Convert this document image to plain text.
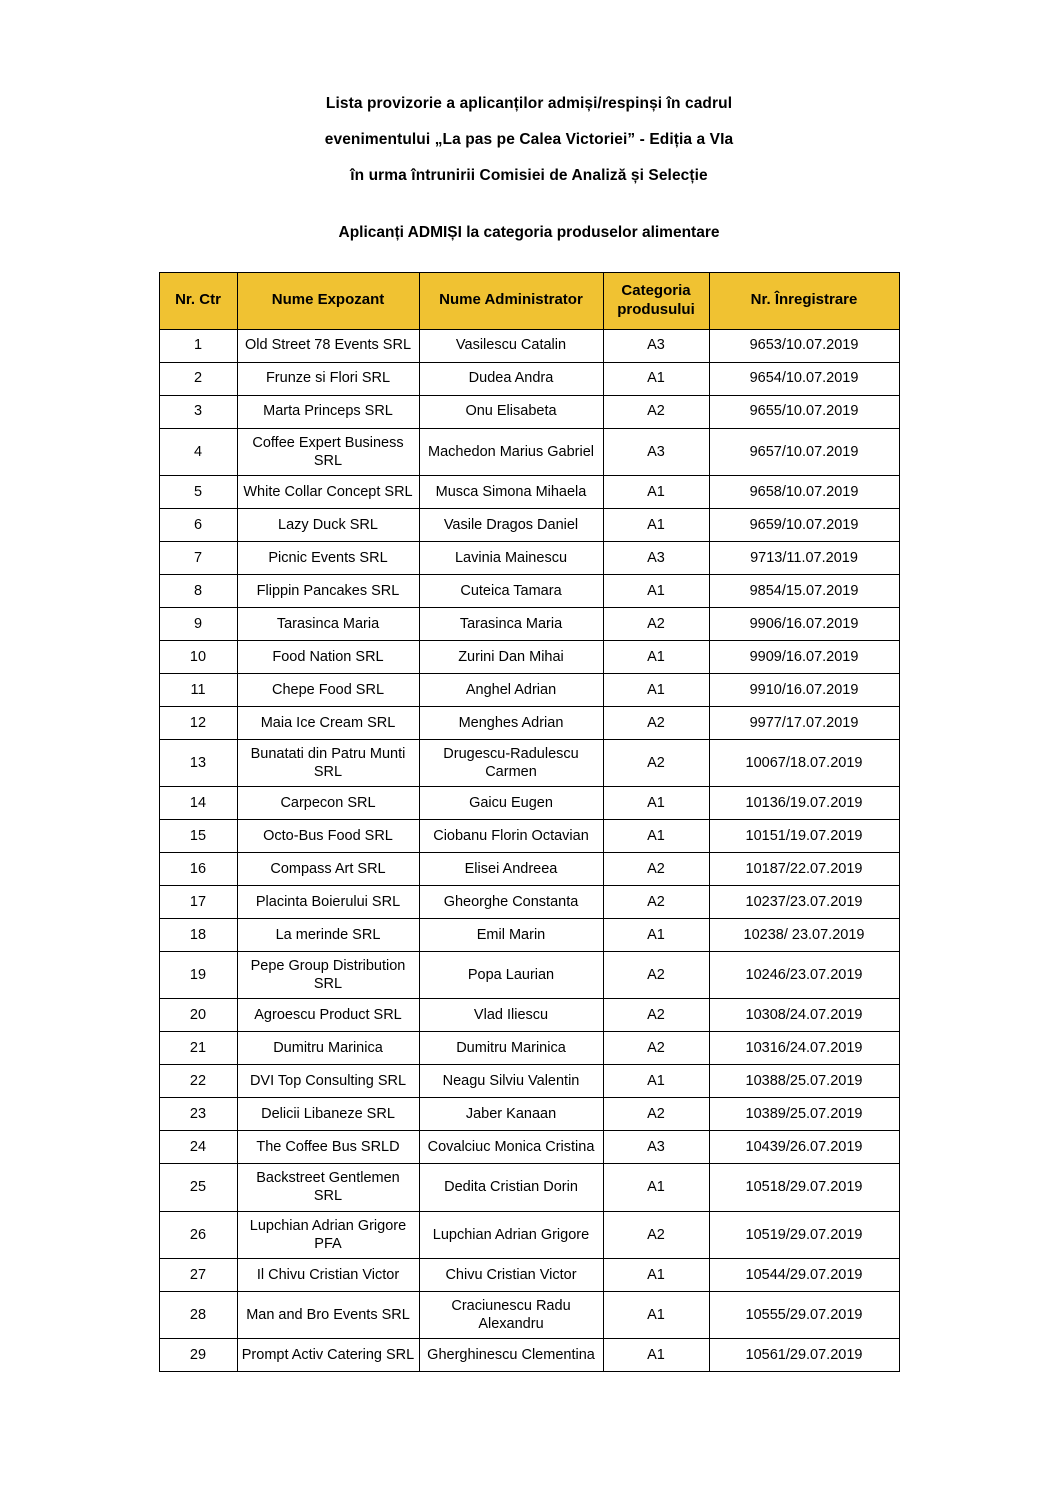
Lista provizorie a aplicanților admiși/respinși în cadrul
evenimentului „La pas pe Calea Victoriei” - Ediția a VIa
în urma întrunirii Comisiei de Analiză și Selecție
Aplicanți ADMIȘI la categoria produselor alimentare
Nr. Ctr	Nume Expozant	Nume Administrator	Categoria produsului	Nr. Înregistrare
1	Old Street 78 Events SRL	Vasilescu Catalin	A3	9653/10.07.2019
2	Frunze si Flori SRL	Dudea Andra	A1	9654/10.07.2019
3	Marta Princeps SRL	Onu Elisabeta	A2	9655/10.07.2019
4	Coffee Expert Business SRL	Machedon Marius Gabriel	A3	9657/10.07.2019
5	White Collar Concept SRL	Musca Simona Mihaela	A1	9658/10.07.2019
6	Lazy Duck SRL	Vasile Dragos Daniel	A1	9659/10.07.2019
7	Picnic Events SRL	Lavinia Mainescu	A3	9713/11.07.2019
8	Flippin Pancakes SRL	Cuteica Tamara	A1	9854/15.07.2019
9	Tarasinca Maria	Tarasinca Maria	A2	9906/16.07.2019
10	Food Nation SRL	Zurini Dan Mihai	A1	9909/16.07.2019
11	Chepe Food SRL	Anghel Adrian	A1	9910/16.07.2019
12	Maia Ice Cream SRL	Menghes Adrian	A2	9977/17.07.2019
13	Bunatati din Patru Munti SRL	Drugescu-Radulescu Carmen	A2	10067/18.07.2019
14	Carpecon SRL	Gaicu Eugen	A1	10136/19.07.2019
15	Octo-Bus Food SRL	Ciobanu Florin Octavian	A1	10151/19.07.2019
16	Compass Art SRL	Elisei Andreea	A2	10187/22.07.2019
17	Placinta Boierului SRL	Gheorghe Constanta	A2	10237/23.07.2019
18	La merinde SRL	Emil Marin	A1	10238/ 23.07.2019
19	Pepe Group Distribution SRL	Popa Laurian	A2	10246/23.07.2019
20	Agroescu Product SRL	Vlad Iliescu	A2	10308/24.07.2019
21	Dumitru Marinica	Dumitru Marinica	A2	10316/24.07.2019
22	DVI Top Consulting SRL	Neagu Silviu Valentin	A1	10388/25.07.2019
23	Delicii Libaneze SRL	Jaber Kanaan	A2	10389/25.07.2019
24	The Coffee Bus SRLD	Covalciuc Monica Cristina	A3	10439/26.07.2019
25	Backstreet Gentlemen SRL	Dedita Cristian Dorin	A1	10518/29.07.2019
26	Lupchian Adrian Grigore PFA	Lupchian Adrian Grigore	A2	10519/29.07.2019
27	Il Chivu Cristian Victor	Chivu Cristian Victor	A1	10544/29.07.2019
28	Man and Bro Events SRL	Craciunescu Radu Alexandru	A1	10555/29.07.2019
29	Prompt Activ Catering SRL	Gherghinescu Clementina	A1	10561/29.07.2019
